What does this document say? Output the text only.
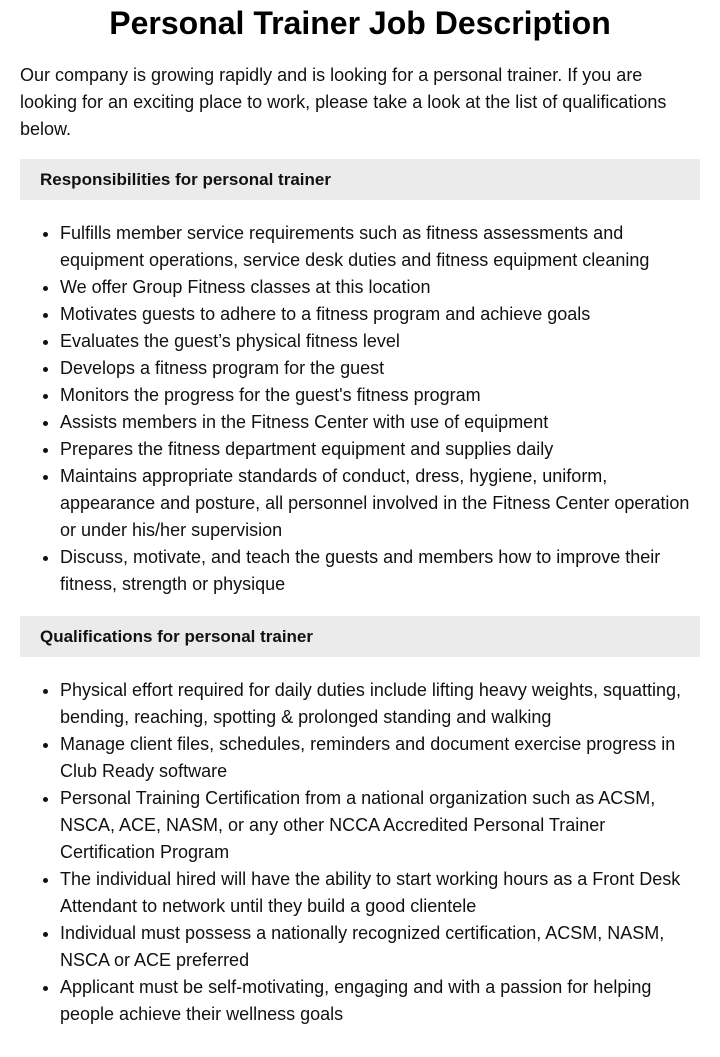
Personal Trainer Job Description

Our company is growing rapidly and is looking for a personal trainer. If you are looking for an exciting place to work, please take a look at the list of qualifications below.

Responsibilities for personal trainer
• Fulfills member service requirements such as fitness assessments and equipment operations, service desk duties and fitness equipment cleaning
• We offer Group Fitness classes at this location
• Motivates guests to adhere to a fitness program and achieve goals
• Evaluates the guest’s physical fitness level
• Develops a fitness program for the guest
• Monitors the progress for the guest's fitness program
• Assists members in the Fitness Center with use of equipment
• Prepares the fitness department equipment and supplies daily
• Maintains appropriate standards of conduct, dress, hygiene, uniform, appearance and posture, all personnel involved in the Fitness Center operation or under his/her supervision
• Discuss, motivate, and teach the guests and members how to improve their fitness, strength or physique
Qualifications for personal trainer
• Physical effort required for daily duties include lifting heavy weights, squatting, bending, reaching, spotting & prolonged standing and walking
• Manage client files, schedules, reminders and document exercise progress in Club Ready software
• Personal Training Certification from a national organization such as ACSM, NSCA, ACE, NASM, or any other NCCA Accredited Personal Trainer Certification Program
• The individual hired will have the ability to start working hours as a Front Desk Attendant to network until they build a good clientele
• Individual must possess a nationally recognized certification, ACSM, NASM, NSCA or ACE preferred
• Applicant must be self-motivating, engaging and with a passion for helping people achieve their wellness goals
